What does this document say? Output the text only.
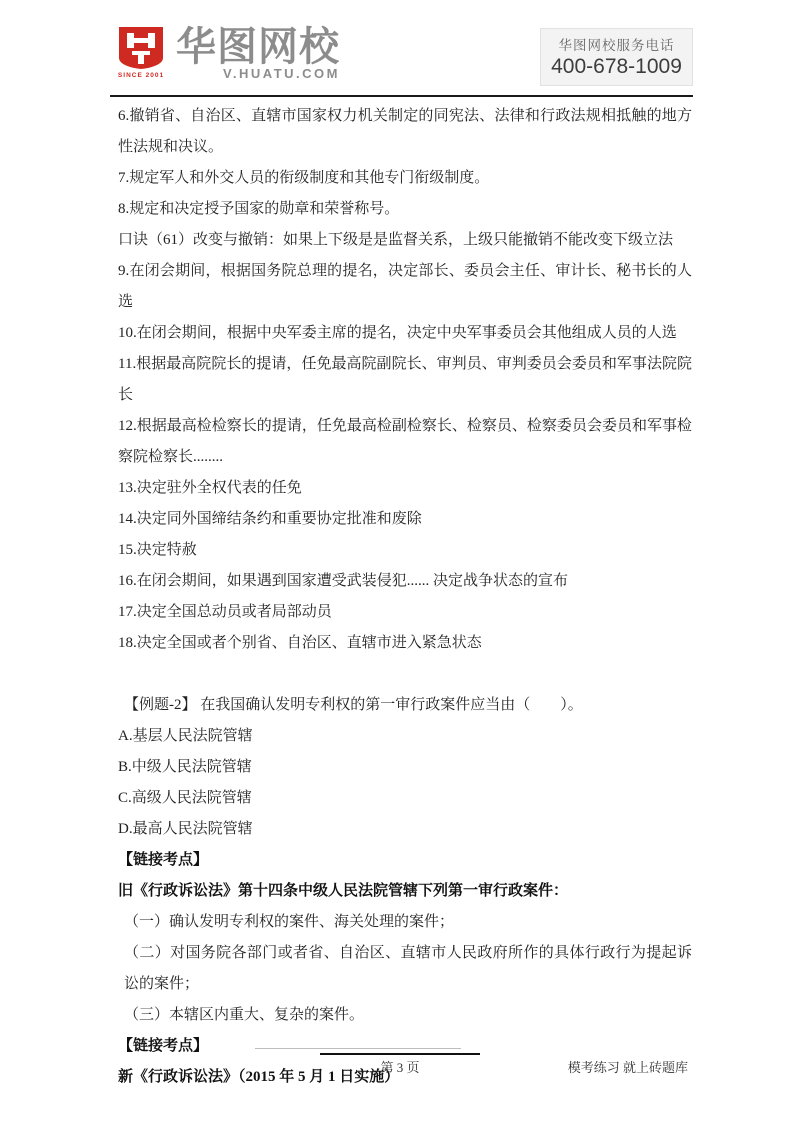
SINCE 2001
华图网校
V.HUATU.COM
华图网校服务电话
400-678-1009

6.撤销省、自治区、直辖市国家权力机关制定的同宪法、法律和行政法规相抵触的地方性法规和决议。

7.规定军人和外交人员的衔级制度和其他专门衔级制度。

8.规定和决定授予国家的勋章和荣誉称号。

口诀（61）改变与撤销：如果上下级是是监督关系，上级只能撤销不能改变下级立法

9.在闭会期间，根据国务院总理的提名，决定部长、委员会主任、审计长、秘书长的人选

10.在闭会期间，根据中央军委主席的提名，决定中央军事委员会其他组成人员的人选

11.根据最高院院长的提请，任免最高院副院长、审判员、审判委员会委员和军事法院院长

12.根据最高检检察长的提请，任免最高检副检察长、检察员、检察委员会委员和军事检察院检察长........

13.决定驻外全权代表的任免

14.决定同外国缔结条约和重要协定批准和废除

15.决定特赦

16.在闭会期间，如果遇到国家遭受武装侵犯...... 决定战争状态的宣布

17.决定全国总动员或者局部动员

18.决定全国或者个别省、自治区、直辖市进入紧急状态

【例题-2】 在我国确认发明专利权的第一审行政案件应当由（　　）。

A.基层人民法院管辖

B.中级人民法院管辖

C.高级人民法院管辖

D.最高人民法院管辖

【链接考点】

旧《行政诉讼法》第十四条中级人民法院管辖下列第一审行政案件：

（一）确认发明专利权的案件、海关处理的案件；

（二）对国务院各部门或者省、自治区、直辖市人民政府所作的具体行政行为提起诉讼的案件；

（三）本辖区内重大、复杂的案件。

【链接考点】

新《行政诉讼法》（2015 年 5 月 1 日实施）

第 3 页	模考练习 就上砖题库
